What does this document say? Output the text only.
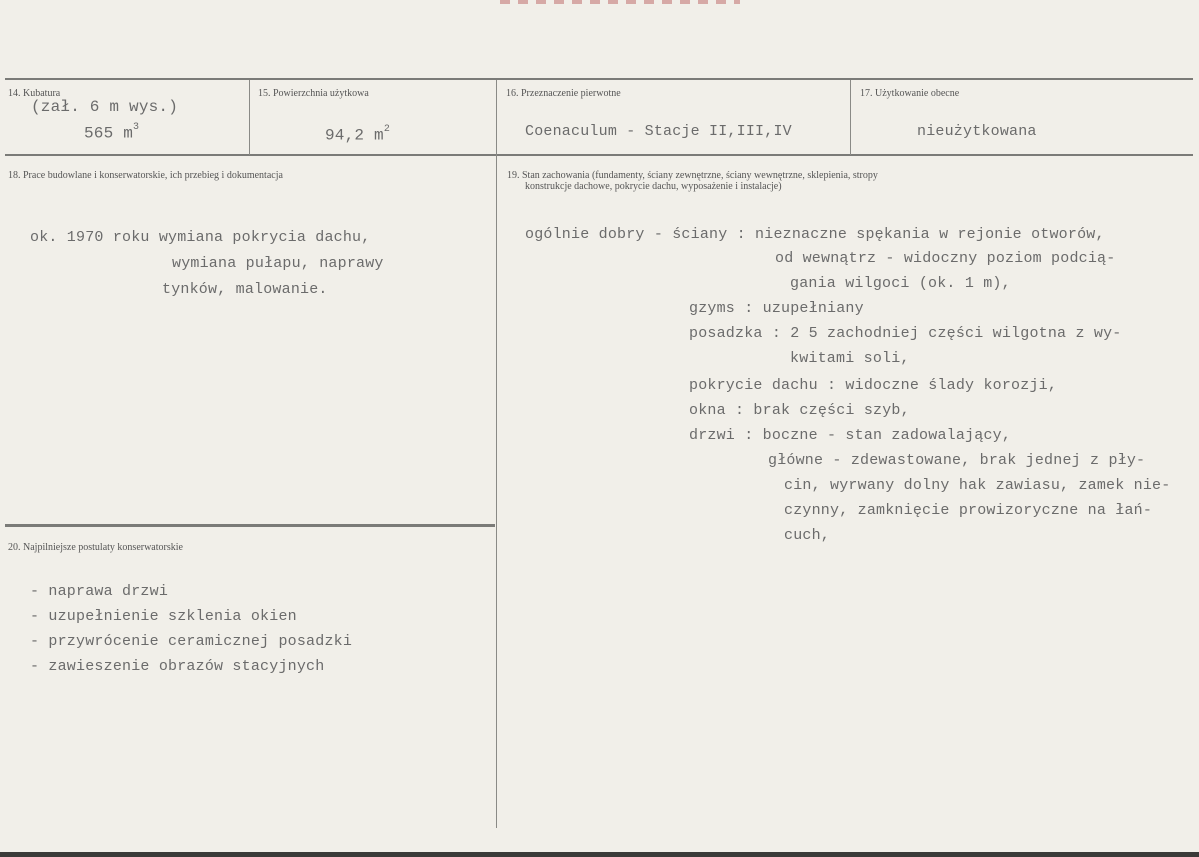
14. Kubatura
(zał. 6 m wys.)
565 $m^3$
15. Powierzchnia użytkowa
94,2 $m^2$
16. Przeznaczenie pierwotne
Coenaculum - Stacje II,III,IV
17. Użytkowanie obecne
nieużytkowana
18. Prace budowlane i konserwatorskie, ich przebieg i dokumentacja
ok. 1970 roku wymiana pokrycia dachu,
wymiana pułapu, naprawy
tynków, malowanie.
19. Stan zachowania (fundamenty, ściany zewnętrzne, ściany wewnętrzne, sklepienia, stropy
konstrukcje dachowe, pokrycie dachu, wyposażenie i instalacje)
ogólnie dobry - ściany : nieznaczne spękania w rejonie otworów,
od wewnątrz - widoczny poziom podcią-
gania wilgoci (ok. 1 m),
gzyms : uzupełniany
posadzka : 2 5 zachodniej części wilgotna z wy-
kwitami soli,
pokrycie dachu : widoczne ślady korozji,
okna : brak części szyb,
drzwi : boczne - stan zadowalający,
główne - zdewastowane, brak jednej z pły-
cin, wyrwany dolny hak zawiasu, zamek nie-
czynny, zamknięcie prowizoryczne na łań-
cuch,
20. Najpilniejsze postulaty konserwatorskie
- naprawa drzwi
- uzupełnienie szklenia okien
- przywrócenie ceramicznej posadzki
- zawieszenie obrazów stacyjnych
